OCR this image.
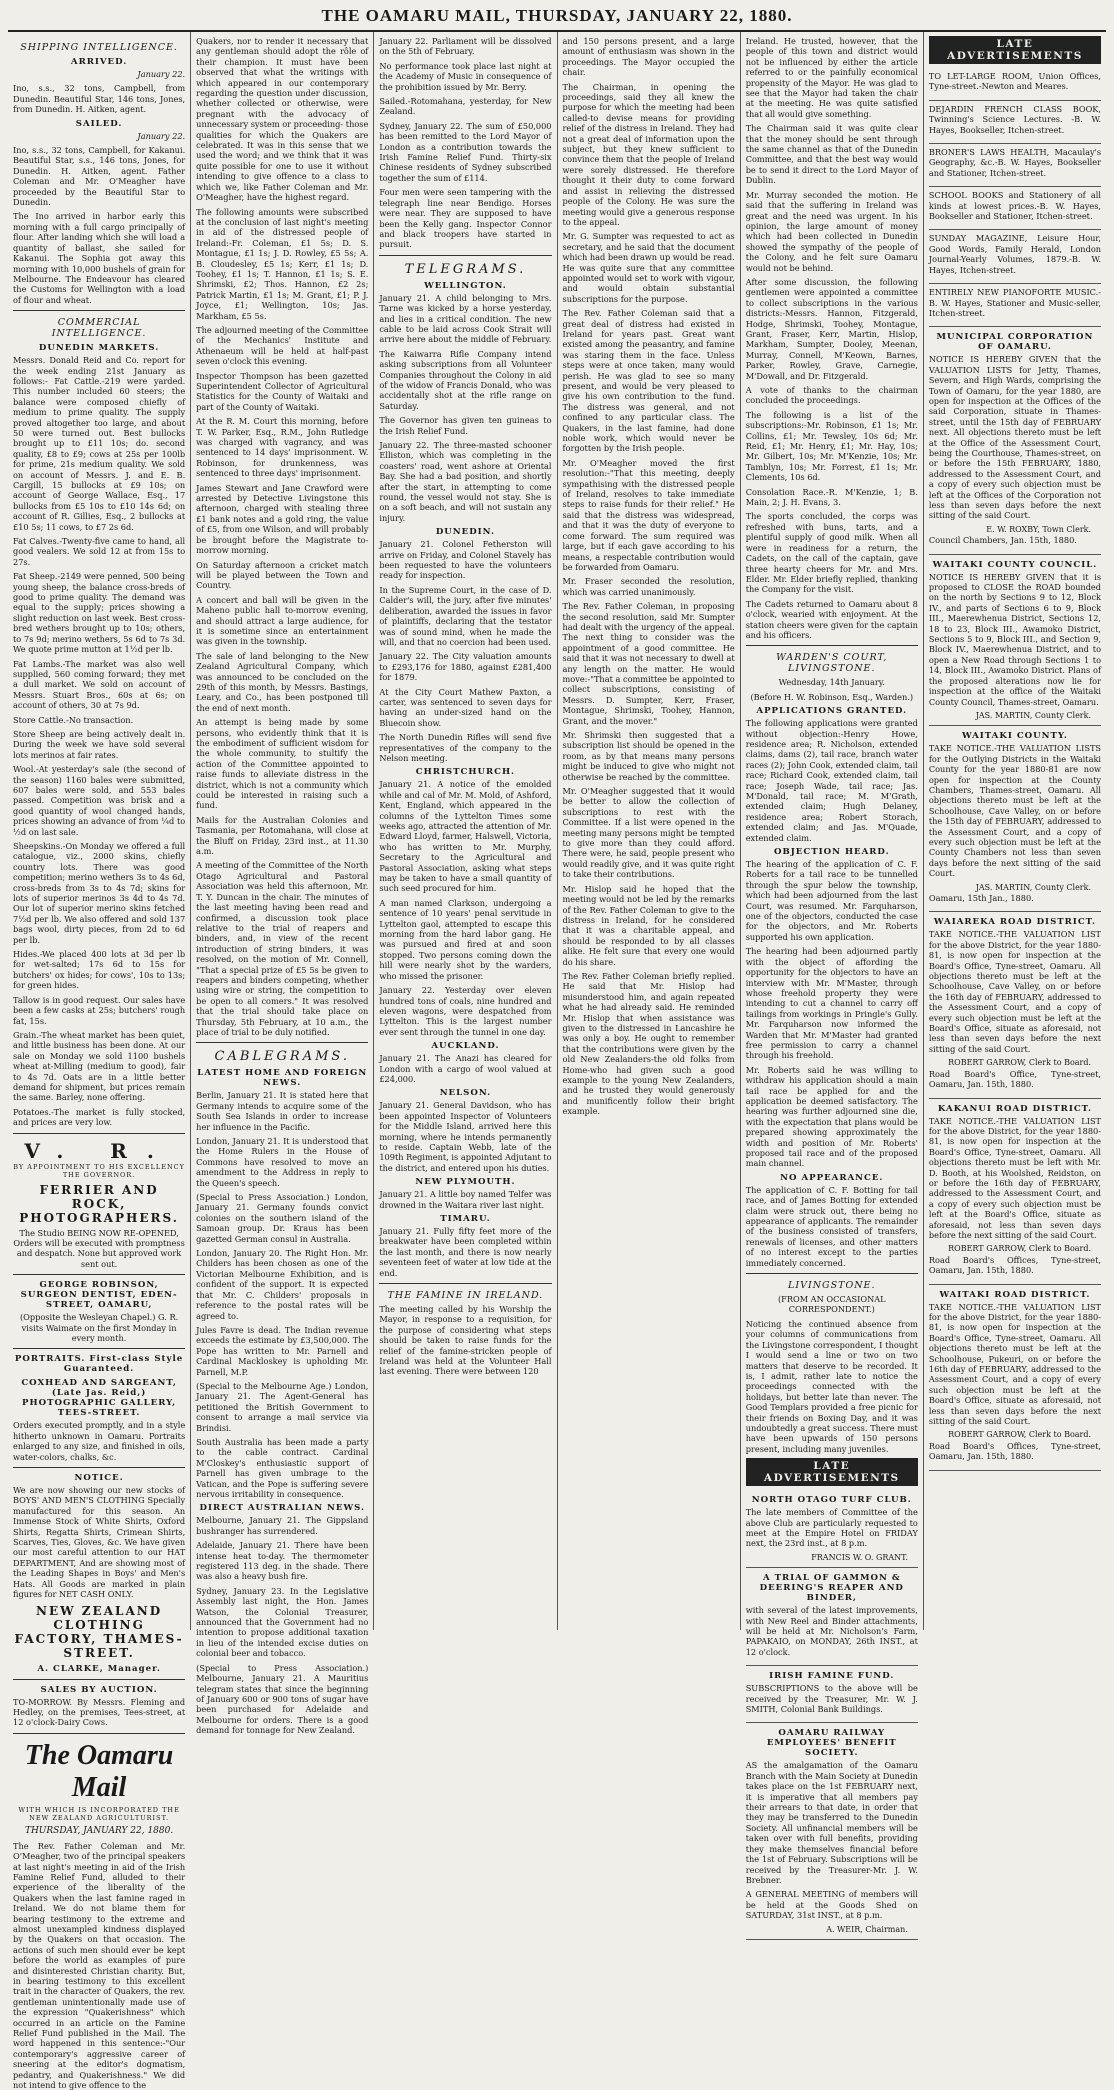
THE OAMARU MAIL, THURSDAY, JANUARY 22, 1880.
SHIPPING INTELLIGENCE.
ARRIVED.

January 22.

Ino, s.s., 32 tons, Campbell, from Dunedin. Beautiful Star, 146 tons, Jones, from Dunedin. H. Aitken, agent.

SAILED.

January 22.

Ino, s.s., 32 tons, Campbell, for Kakanui. Beautiful Star, s.s., 146 tons, Jones, for Dunedin. H. Aitken, agent. Father Coleman and Mr. O'Meagher have proceeded by the Beautiful Star to Dunedin.

The Ino arrived in harbor early this morning with a full cargo principally of flour. After landing which she will load a quantity of ballast, she sailed for Kakanui. The Sophia got away this morning with 10,000 bushels of grain for Melbourne. The Endeavour has cleared the Customs for Wellington with a load of flour and wheat.

COMMERCIAL INTELLIGENCE.
DUNEDIN MARKETS.

Messrs. Donald Reid and Co. report for the week ending 21st January as follows:- Fat Cattle.-219 were yarded. This number included 60 steers; the balance were composed chiefly of medium to prime quality. The supply proved altogether too large, and about 50 were turned out. Best bullocks brought up to £11 10s; do. second quality, £8 to £9; cows at 25s per 100lb for prime, 21s medium quality. We sold on account of Messrs. J. and E. B. Cargill, 15 bullocks at £9 10s; on account of George Wallace, Esq., 17 bullocks from £5 10s to £10 14s 6d; on account of R. Gillies, Esq., 2 bullocks at £10 5s; 11 cows, to £7 2s 6d.

Fat Calves.-Twenty-five came to hand, all good vealers. We sold 12 at from 15s to 27s.

Fat Sheep.-2149 were penned, 500 being young sheep, the balance cross-breds of good to prime quality. The demand was equal to the supply; prices showing a slight reduction on last week. Best cross-bred wethers brought up to 10s; others, to 7s 9d; merino wethers, 5s 6d to 7s 3d. We quote prime mutton at 1½d per lb.

Fat Lambs.-The market was also well supplied, 560 coming forward; they met a dull market. We sold on account of Messrs. Stuart Bros., 60s at 6s; on account of others, 30 at 7s 9d.

Store Cattle.-No transaction.

Store Sheep are being actively dealt in. During the week we have sold several lots merinos at fair rates.

Wool.-At yesterday's sale (the second of the season) 1160 bales were submitted, 607 bales were sold, and 553 bales passed. Competition was brisk and a good quantity of wool changed hands, prices showing an advance of from ¼d to ½d on last sale.

Sheepskins.-On Monday we offered a full catalogue, viz., 2000 skins, chiefly country lots. There was good competition; merino wethers 3s to 4s 6d, cross-breds from 3s to 4s 7d; skins for lots of superior merinos 3s 4d to 4s 7d. Our lot of superior merino skins fetched 7½d per lb. We also offered and sold 137 bags wool, dirty pieces, from 2d to 6d per lb.

Hides.-We placed 400 lots at 3d per lb for wet-salted; 17s 6d to 15s for butchers' ox hides; for cows', 10s to 13s; for green hides.

Tallow is in good request. Our sales have been a few casks at 25s; butchers' rough fat, 15s.

Grain.-The wheat market has been quiet, and little business has been done. At our sale on Monday we sold 1100 bushels wheat at-Milling (medium to good), fair to 4s 7d. Oats are in a little better demand for shipment, but prices remain the same. Barley, none offering.

Potatoes.-The market is fully stocked, and prices are very low.

V. R.
BY APPOINTMENT TO HIS EXCELLENCY THE GOVERNOR.
FERRIER AND ROCK, PHOTOGRAPHERS.

The Studio BEING NOW RE-OPENED, Orders will be executed with promptness and despatch. None but approved work sent out.

GEORGE ROBINSON, SURGEON DENTIST, EDEN-STREET, OAMARU,

(Opposite the Wesleyan Chapel.) G. R. visits Waimate on the first Monday in every month.

PORTRAITS. First-class Style Guaranteed.
COXHEAD AND SARGEANT, (Late Jas. Reid,) PHOTOGRAPHIC GALLERY, TEES-STREET.

Orders executed promptly, and in a style hitherto unknown in Oamaru. Portraits enlarged to any size, and finished in oils, water-colors, chalks, &c.

NOTICE.

We are now showing our new stocks of BOYS' AND MEN'S CLOTHING Specially manufactured for this season. An Immense Stock of White Shirts, Oxford Shirts, Regatta Shirts, Crimean Shirts, Scarves, Ties, Gloves, &c. We have given our most careful attention to our HAT DEPARTMENT, And are showing most of the Leading Shapes in Boys' and Men's Hats. All Goods are marked in plain figures for NET CASH ONLY.

NEW ZEALAND CLOTHING FACTORY, THAMES-STREET.
A. CLARKE, Manager.
SALES BY AUCTION.

TO-MORROW. By Messrs. Fleming and Hedley, on the premises, Tees-street, at 12 o'clock-Dairy Cows.

The Oamaru Mail
WITH WHICH IS INCORPORATED THE NEW ZEALAND AGRICULTURIST.
THURSDAY, JANUARY 22, 1880.

The Rev. Father Coleman and Mr. O'Meagher, two of the principal speakers at last night's meeting in aid of the Irish Famine Relief Fund, alluded to their experience of the liberality of the Quakers when the last famine raged in Ireland. We do not blame them for bearing testimony to the extreme and almost unexampled kindness displayed by the Quakers on that occasion. The actions of such men should ever be kept before the world as examples of pure and disinterested Christian charity. But, in bearing testimony to this excellent trait in the character of Quakers, the rev. gentleman unintentionally made use of the expression "Quakerishness" which occurred in an article on the Famine Relief Fund published in the Mail. The word happened in this sentence:-"Our contemporary's aggressive career of sneering at the editor's dogmatism, pedantry, and Quakerishness." We did not intend to give offence to the

Quakers, nor to render it necessary that any gentleman should adopt the rôle of their champion. It must have been observed that what the writings with which appeared in our contemporary regarding the question under discussion, whether collected or otherwise, were pregnant with the advocacy of unnecessary system or proceeding- those qualities for which the Quakers are celebrated. It was in this sense that we used the word; and we think that it was quite possible for one to use it without intending to give offence to a class to which we, like Father Coleman and Mr. O'Meagher, have the highest regard.

The following amounts were subscribed at the conclusion of last night's meeting in aid of the distressed people of Ireland:-Fr. Coleman, £1 5s; D. S. Montague, £1 1s; J. D. Rowley, £5 5s; A. B. Cloudesley, £5 1s; Kerr, £1 1s; D. Toohey, £1 1s; T. Hannon, £1 1s; S. E. Shrimski, £2; Thos. Hannon, £2 2s; Patrick Martin, £1 1s; M. Grant, £1; P. J. Joyce, £1; Wellington, 10s; Jas. Markham, £5 5s.

The adjourned meeting of the Committee of the Mechanics' Institute and Athenaeum will be held at half-past seven o'clock this evening.

Inspector Thompson has been gazetted Superintendent Collector of Agricultural Statistics for the County of Waitaki and part of the County of Waitaki.

At the R. M. Court this morning, before T. W. Parker, Esq., R.M., John Rutledge was charged with vagrancy, and was sentenced to 14 days' imprisonment. W. Robinson, for drunkenness, was sentenced to three days' imprisonment.

James Stewart and Jane Crawford were arrested by Detective Livingstone this afternoon, charged with stealing three £1 bank notes and a gold ring, the value of £5, from one Wilson, and will probably be brought before the Magistrate to-morrow morning.

On Saturday afternoon a cricket match will be played between the Town and Country.

A concert and ball will be given in the Maheno public hall to-morrow evening, and should attract a large audience, for it is sometime since an entertainment was given in the township.

The sale of land belonging to the New Zealand Agricultural Company, which was announced to be concluded on the 29th of this month, by Messrs. Bastings, Leary, and Co., has been postponed till the end of next month.

An attempt is being made by some persons, who evidently think that it is the embodiment of sufficient wisdom for the whole community, to stultify the action of the Committee appointed to raise funds to alleviate distress in the district, which is not a community which could be interested in raising such a fund.

Mails for the Australian Colonies and Tasmania, per Rotomahana, will close at the Bluff on Friday, 23rd inst., at 11.30 a.m.

A meeting of the Committee of the North Otago Agricultural and Pastoral Association was held this afternoon, Mr. T. Y. Duncan in the chair. The minutes of the last meeting having been read and confirmed, a discussion took place relative to the trial of reapers and binders, and, in view of the recent introduction of string binders, it was resolved, on the motion of Mr. Connell, "That a special prize of £5 5s be given to reapers and binders competing, whether using wire or string, the competition to be open to all comers." It was resolved that the trial should take place on Thursday, 5th February, at 10 a.m., the place of trial to be duly notified.

CABLEGRAMS.
LATEST HOME AND FOREIGN NEWS.

Berlin, January 21. It is stated here that Germany intends to acquire some of the South Sea Islands in order to increase her influence in the Pacific.

London, January 21. It is understood that the Home Rulers in the House of Commons have resolved to move an amendment to the Address in reply to the Queen's speech.

(Special to Press Association.) London, January 21. Germany founds convict colonies on the southern island of the Samoan group. Dr. Kraus has been gazetted German consul in Australia.

London, January 20. The Right Hon. Mr. Childers has been chosen as one of the Victorian Melbourne Exhibition, and is confident of the support. It is expected that Mr. C. Childers' proposals in reference to the postal rates will be agreed to.

Jules Favre is dead. The Indian revenue exceeds the estimate by £3,500,000. The Pope has written to Mr. Parnell and Cardinal Mackloskey is upholding Mr. Parnell, M.P.

(Special to the Melbourne Age.) London, January 21. The Agent-General has petitioned the British Government to consent to arrange a mail service via Brindisi.

South Australia has been made a party to the cable contract. Cardinal M'Closkey's enthusiastic support of Parnell has given umbrage to the Vatican, and the Pope is suffering severe nervous irritability in consequence.

DIRECT AUSTRALIAN NEWS.

Melbourne, January 21. The Gippsland bushranger has surrendered.

Adelaide, January 21. There have been intense heat to-day. The thermometer registered 113 deg. in the shade. There was also a heavy bush fire.

Sydney, January 23. In the Legislative Assembly last night, the Hon. James Watson, the Colonial Treasurer, announced that the Government had no intention to propose additional taxation in lieu of the intended excise duties on colonial beer and tobacco.

(Special to Press Association.) Melbourne, January 21. A Mauritius telegram states that since the beginning of January 600 or 900 tons of sugar have been purchased for Adelaide and Melbourne for orders. There is a good demand for tonnage for New Zealand.

January 22. Parliament will be dissolved on the 5th of February.

No performance took place last night at the Academy of Music in consequence of the prohibition issued by Mr. Berry.

Sailed.-Rotomahana, yesterday, for New Zealand.

Sydney, January 22. The sum of £50,000 has been remitted to the Lord Mayor of London as a contribution towards the Irish Famine Relief Fund. Thirty-six Chinese residents of Sydney subscribed together the sum of £114.

Four men were seen tampering with the telegraph line near Bendigo. Horses were near. They are supposed to have been the Kelly gang. Inspector Connor and black troopers have started in pursuit.

TELEGRAMS.
WELLINGTON.

January 21. A child belonging to Mrs. Tarne was kicked by a horse yesterday, and lies in a critical condition. The new cable to be laid across Cook Strait will arrive here about the middle of February.

The Kaiwarra Rifle Company intend asking subscriptions from all Volunteer Companies throughout the Colony in aid of the widow of Francis Donald, who was accidentally shot at the rifle range on Saturday.

The Governor has given ten guineas to the Irish Relief Fund.

January 22. The three-masted schooner Elliston, which was completing in the coasters' road, went ashore at Oriental Bay. She had a bad position, and shortly after the start, in attempting to come round, the vessel would not stay. She is on a soft beach, and will not sustain any injury.

DUNEDIN.

January 21. Colonel Fetherston will arrive on Friday, and Colonel Stavely has been requested to have the volunteers ready for inspection.

In the Supreme Court, in the case of D. Calder's will, the jury, after five minutes' deliberation, awarded the issues in favor of plaintiffs, declaring that the testator was of sound mind, when he made the will, and that no coercion had been used.

January 22. The City valuation amounts to £293,176 for 1880, against £281,400 for 1879.

At the City Court Mathew Paxton, a carter, was sentenced to seven days for having an under-sized hand on the Bluecoin show.

The North Dunedin Rifles will send five representatives of the company to the Nelson meeting.

CHRISTCHURCH.

January 21. A notice of the emolded while and cal of Mr. M. Mold, of Ashford, Kent, England, which appeared in the columns of the Lyttelton Times some weeks ago, attracted the attention of Mr. Edward Lloyd, farmer, Halswell, Victoria, who has written to Mr. Murphy, Secretary to the Agricultural and Pastoral Association, asking what steps may be taken to have a small quantity of such seed procured for him.

A man named Clarkson, undergoing a sentence of 10 years' penal servitude in Lyttelton gaol, attempted to escape this morning from the hard labor gang. He was pursued and fired at and soon stopped. Two persons coming down the hill were nearly shot by the warders, who missed the prisoner.

January 22. Yesterday over eleven hundred tons of coals, nine hundred and eleven wagons, were despatched from Lyttelton. This is the largest number ever sent through the tunnel in one day.

AUCKLAND.

January 21. The Anazi has cleared for London with a cargo of wool valued at £24,000.

NELSON.

January 21. General Davidson, who has been appointed Inspector of Volunteers for the Middle Island, arrived here this morning, where he intends permanently to reside. Captain Webb, late of the 109th Regiment, is appointed Adjutant to the district, and entered upon his duties.

NEW PLYMOUTH.

January 21. A little boy named Telfer was drowned in the Waitara river last night.

TIMARU.

January 21. Fully fifty feet more of the breakwater have been completed within the last month, and there is now nearly seventeen feet of water at low tide at the end.

THE FAMINE IN IRELAND.

The meeting called by his Worship the Mayor, in response to a requisition, for the purpose of considering what steps should be taken to raise funds for the relief of the famine-stricken people of Ireland was held at the Volunteer Hall last evening. There were between 120

and 150 persons present, and a large amount of enthusiasm was shown in the proceedings. The Mayor occupied the chair.

The Chairman, in opening the proceedings, said they all knew the purpose for which the meeting had been called-to devise means for providing relief of the distress in Ireland. They had not a great deal of information upon the subject, but they knew sufficient to convince them that the people of Ireland were sorely distressed. He therefore thought it their duty to come forward and assist in relieving the distressed people of the Colony. He was sure the meeting would give a generous response to the appeal.

Mr. G. Sumpter was requested to act as secretary, and he said that the document which had been drawn up would be read. He was quite sure that any committee appointed would set to work with vigour, and would obtain substantial subscriptions for the purpose.

The Rev. Father Coleman said that a great deal of distress had existed in Ireland for years past. Great want existed among the peasantry, and famine was staring them in the face. Unless steps were at once taken, many would perish. He was glad to see so many present, and would be very pleased to give his own contribution to the fund. The distress was general, and not confined to any particular class. The Quakers, in the last famine, had done noble work, which would never be forgotten by the Irish people.

Mr. O'Meagher moved the first resolution:-"That this meeting, deeply sympathising with the distressed people of Ireland, resolves to take immediate steps to raise funds for their relief." He said that the distress was widespread, and that it was the duty of everyone to come forward. The sum required was large, but if each gave according to his means, a respectable contribution would be forwarded from Oamaru.

Mr. Fraser seconded the resolution, which was carried unanimously.

The Rev. Father Coleman, in proposing the second resolution, said Mr. Sumpter had dealt with the urgency of the appeal. The next thing to consider was the appointment of a good committee. He said that it was not necessary to dwell at any length on the matter. He would move:-"That a committee be appointed to collect subscriptions, consisting of Messrs. D. Sumpter, Kerr, Fraser, Montague, Shrimski, Toohey, Hannon, Grant, and the mover."

Mr. Shrimski then suggested that a subscription list should be opened in the room, as by that means many persons might be induced to give who might not otherwise be reached by the committee.

Mr. O'Meagher suggested that it would be better to allow the collection of subscriptions to rest with the Committee. If a list were opened in the meeting many persons might be tempted to give more than they could afford. There were, he said, people present who would readily give, and it was quite right to take their contributions.

Mr. Hislop said he hoped that the meeting would not be led by the remarks of the Rev. Father Coleman to give to the distress in Ireland, for he considered that it was a charitable appeal, and should be responded to by all classes alike. He felt sure that every one would do his share.

The Rev. Father Coleman briefly replied. He said that Mr. Hislop had misunderstood him, and again repeated what he had already said. He reminded Mr. Hislop that when assistance was given to the distressed in Lancashire he was only a boy. He ought to remember that the contributions were given by the old New Zealanders-the old folks from Home-who had given such a good example to the young New Zealanders, and he trusted they would generously and munificently follow their bright example.

Ireland. He trusted, however, that the people of this town and district would not be influenced by either the article referred to or the painfully economical propensity of the Mayor. He was glad to see that the Mayor had taken the chair at the meeting. He was quite satisfied that all would give something.

The Chairman said it was quite clear that the money should be sent through the same channel as that of the Dunedin Committee, and that the best way would be to send it direct to the Lord Mayor of Dublin.

Mr. Murray seconded the motion. He said that the suffering in Ireland was great and the need was urgent. In his opinion, the large amount of money which had been collected in Dunedin showed the sympathy of the people of the Colony, and he felt sure Oamaru would not be behind.

After some discussion, the following gentlemen were appointed a committee to collect subscriptions in the various districts:-Messrs. Hannon, Fitzgerald, Hodge, Shrimski, Toohey, Montague, Grant, Fraser, Kerr, Martin, Hislop, Markham, Sumpter, Dooley, Meenan, Murray, Connell, M'Keown, Barnes, Parker, Rowley, Grave, Carnegie, M'Dowall, and Dr. Fitzgerald.

A vote of thanks to the chairman concluded the proceedings.

The following is a list of the subscriptions:-Mr. Robinson, £1 1s; Mr. Collins, £1; Mr. Tewsley, 10s 6d; Mr. Reid, £1; Mr. Henry, £1; Mr. Hay, 10s; Mr. Gilbert, 10s; Mr. M'Kenzie, 10s; Mr. Tamblyn, 10s; Mr. Forrest, £1 1s; Mr. Clements, 10s 6d.

Consolation Race.-R. M'Kenzie, 1; B. Main, 2; J. H. Evans, 3.

The sports concluded, the corps was refreshed with buns, tarts, and a plentiful supply of good milk. When all were in readiness for a return, the Cadets, on the call of the captain, gave three hearty cheers for Mr. and Mrs. Elder. Mr. Elder briefly replied, thanking the Company for the visit.

The Cadets returned to Oamaru about 8 o'clock, wearied with enjoyment. At the station cheers were given for the captain and his officers.

WARDEN'S COURT, LIVINGSTONE.

Wednesday, 14th January.

(Before H. W. Robinson, Esq., Warden.)

APPLICATIONS GRANTED.

The following applications were granted without objection:-Henry Howe, residence area; R. Nicholson, extended claims, dams (2), tail race, branch water races (2); John Cook, extended claim, tail race; Richard Cook, extended claim, tail race; Joseph Wade, tail race; Jas. M'Donald, tail race; M. M'Grath, extended claim; Hugh Delaney, residence area; Robert Storach, extended claim; and Jas. M'Quade, extended claim.

OBJECTION HEARD.

The hearing of the application of C. F. Roberts for a tail race to be tunnelled through the spur below the township, which had been adjourned from the last Court, was resumed. Mr. Farquharson, one of the objectors, conducted the case for the objectors, and Mr. Roberts supported his own application.

The hearing had been adjourned partly with the object of affording the opportunity for the objectors to have an interview with Mr. M'Master, through whose freehold property they were intending to cut a channel to carry off tailings from workings in Pringle's Gully. Mr. Farquharson now informed the Warden that Mr. M'Master had granted free permission to carry a channel through his freehold.

Mr. Roberts said he was willing to withdraw his application should a main tail race be applied for and the application be deemed satisfactory. The hearing was further adjourned sine die, with the expectation that plans would be prepared showing approximately the width and position of Mr. Roberts' proposed tail race and of the proposed main channel.

NO APPEARANCE.

The application of C. F. Botting for tail race, and of James Botting for extended claim were struck out, there being no appearance of applicants. The remainder of the business consisted of transfers, renewals of licenses, and other matters of no interest except to the parties immediately concerned.

LIVINGSTONE.

(FROM AN OCCASIONAL CORRESPONDENT.)

Noticing the continued absence from your columns of communications from the Livingstone correspondent, I thought I would send a line or two on two matters that deserve to be recorded. It is, I admit, rather late to notice the proceedings connected with the holidays, but better late than never. The Good Templars provided a free picnic for their friends on Boxing Day, and it was undoubtedly a great success. There must have been upwards of 150 persons present, including many juveniles.

LATE ADVERTISEMENTS
NORTH OTAGO TURF CLUB.

The late members of Committee of the above Club are particularly requested to meet at the Empire Hotel on FRIDAY next, the 23rd inst., at 8 p.m.

FRANCIS W. O. GRANT.

A TRIAL OF GAMMON & DEERING'S REAPER AND BINDER,

with several of the latest improvements, with New Reel and Binder attachments, will be held at Mr. Nicholson's Farm, PAPAKAIO, on MONDAY, 26th INST., at 12 o'clock.

IRISH FAMINE FUND.

SUBSCRIPTIONS to the above will be received by the Treasurer, Mr. W. J. SMITH, Colonial Bank Buildings.

OAMARU RAILWAY EMPLOYEES' BENEFIT SOCIETY.

AS the amalgamation of the Oamaru Branch with the Main Society at Dunedin takes place on the 1st FEBRUARY next, it is imperative that all members pay their arrears to that date, in order that they may be transferred to the Dunedin Society. All unfinancial members will be taken over with full benefits, providing they make themselves financial before the 1st of February. Subscriptions will be received by the Treasurer-Mr. J. W. Brebner.

A GENERAL MEETING of members will be held at the Goods Shed on SATURDAY, 31st INST., at 8 p.m.

A. WEIR, Chairman.

LATE ADVERTISEMENTS

TO LET-LARGE ROOM, Union Offices, Tyne-street.-Newton and Meares.

DEJARDIN FRENCH CLASS BOOK, Twinning's Science Lectures. -B. W. Hayes, Bookseller, Itchen-street.

BRONER'S LAWS HEALTH, Macaulay's Geography, &c.-B. W. Hayes, Bookseller and Stationer, Itchen-street.

SCHOOL BOOKS and Stationery of all kinds at lowest prices.-B. W. Hayes, Bookseller and Stationer, Itchen-street.

SUNDAY MAGAZINE, Leisure Hour, Good Words, Family Herald, London Journal-Yearly Volumes, 1879.-B. W. Hayes, Itchen-street.

ENTIRELY NEW PIANOFORTE MUSIC.-B. W. Hayes, Stationer and Music-seller, Itchen-street.

MUNICIPAL CORPORATION OF OAMARU.

NOTICE IS HEREBY GIVEN that the VALUATION LISTS for Jetty, Thames, Severn, and High Wards, comprising the Town of Oamaru, for the year 1880, are open for inspection at the Offices of the said Corporation, situate in Thames-street, until the 15th day of FEBRUARY next. All objections thereto must be left at the Office of the Assessment Court, being the Courthouse, Thames-street, on or before the 15th FEBRUARY, 1880, addressed to the Assessment Court, and a copy of every such objection must be left at the Offices of the Corporation not less than seven days before the next sitting of the said Court.

E. W. ROXBY, Town Clerk.

Council Chambers, Jan. 15th, 1880.

WAITAKI COUNTY COUNCIL.

NOTICE IS HEREBY GIVEN that it is proposed to CLOSE the ROAD bounded on the north by Sections 9 to 12, Block IV., and parts of Sections 6 to 9, Block III., Maerewhenua District, Sections 12, 18 to 23, Block III., Awamoko District, Sections 5 to 9, Block III., and Section 9, Block IV., Maerewhenua District, and to open a New Road through Sections 1 to 14, Block III., Awamoko District. Plans of the proposed alterations now lie for inspection at the office of the Waitaki County Council, Thames-street, Oamaru.

JAS. MARTIN, County Clerk.

WAITAKI COUNTY.

TAKE NOTICE.-THE VALUATION LISTS for the Outlying Districts in the Waitaki County for the year 1880-81 are now open for inspection at the County Chambers, Thames-street, Oamaru. All objections thereto must be left at the Schoolhouse, Cave Valley, on or before the 15th day of FEBRUARY, addressed to the Assessment Court, and a copy of every such objection must be left at the County Chambers not less than seven days before the next sitting of the said Court.

JAS. MARTIN, County Clerk.

Oamaru, 15th Jan., 1880.

WAIAREKA ROAD DISTRICT.

TAKE NOTICE.-THE VALUATION LIST for the above District, for the year 1880-81, is now open for inspection at the Board's Office, Tyne-street, Oamaru. All objections thereto must be left at the Schoolhouse, Cave Valley, on or before the 16th day of FEBRUARY, addressed to the Assessment Court, and a copy of every such objection must be left at the Board's Office, situate as aforesaid, not less than seven days before the next sitting of the said Court.

ROBERT GARROW, Clerk to Board.

Road Board's Office, Tyne-street, Oamaru, Jan. 15th, 1880.

KAKANUI ROAD DISTRICT.

TAKE NOTICE.-THE VALUATION LIST for the above District, for the year 1880-81, is now open for inspection at the Board's Office, Tyne-street, Oamaru. All objections thereto must be left with Mr. D. Booth, at his Woolshed, Reidston, on or before the 16th day of FEBRUARY, addressed to the Assessment Court, and a copy of every such objection must be left at the Board's Office, situate as aforesaid, not less than seven days before the next sitting of the said Court.

ROBERT GARROW, Clerk to Board.

Road Board's Offices, Tyne-street, Oamaru, Jan. 15th, 1880.

WAITAKI ROAD DISTRICT.

TAKE NOTICE.-THE VALUATION LIST for the above District, for the year 1880-81, is now open for inspection at the Board's Office, Tyne-street, Oamaru. All objections thereto must be left at the Schoolhouse, Pukeuri, on or before the 16th day of FEBRUARY, addressed to the Assessment Court, and a copy of every such objection must be left at the Board's Office, situate as aforesaid, not less than seven days before the next sitting of the said Court.

ROBERT GARROW, Clerk to Board.

Road Board's Offices, Tyne-street, Oamaru, Jan. 15th, 1880.
